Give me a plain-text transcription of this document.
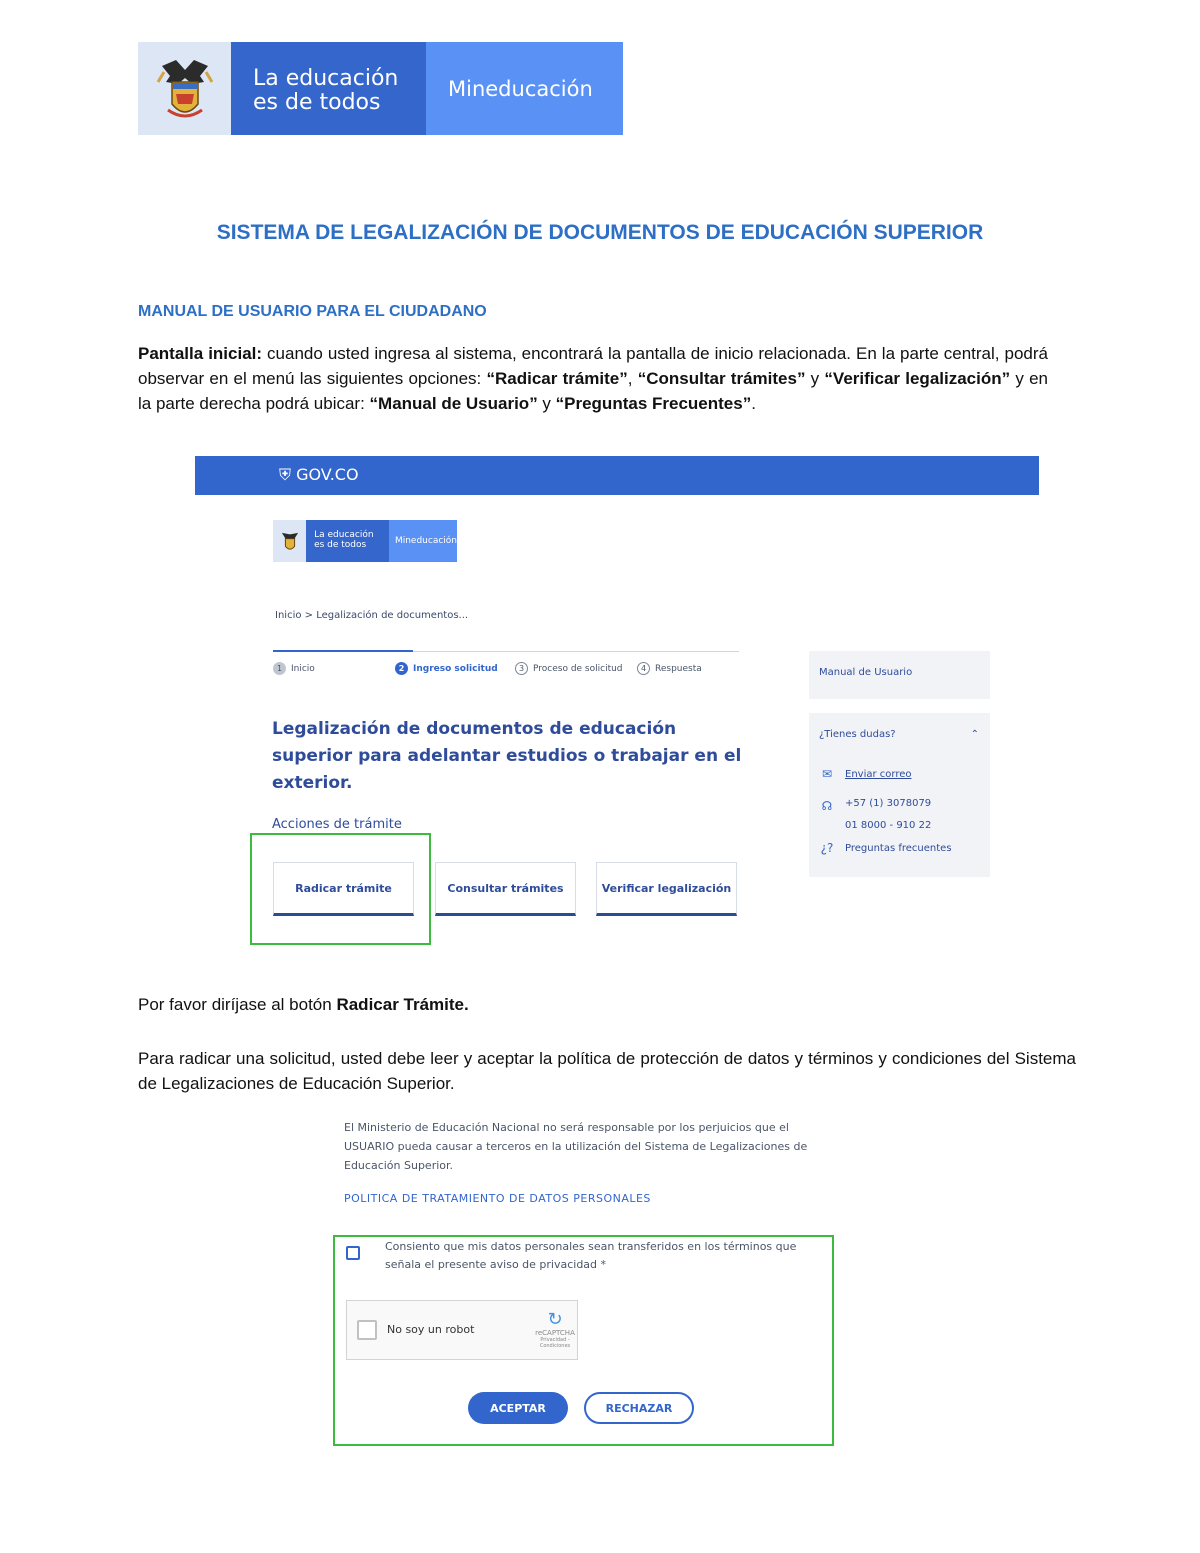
La educación
es de todos
Mineducación
SISTEMA DE LEGALIZACIÓN DE DOCUMENTOS DE EDUCACIÓN SUPERIOR
MANUAL DE USUARIO PARA EL CIUDADANO
Pantalla inicial: cuando usted ingresa al sistema, encontrará la pantalla de inicio relacionada. En la parte central, podrá observar en el menú las siguientes opciones: “Radicar trámite”, “Consultar trámites” y “Verificar legalización” y en la parte derecha podrá ubicar: “Manual de Usuario” y “Preguntas Frecuentes”.
⛨ GOV.CO
La educación
es de todos	Mineducación
Inicio > Legalización de documentos...
1 Inicio	2 Ingreso solicitud	3 Proceso de solicitud	4 Respuesta
Legalización de documentos de educación superior para adelantar estudios o trabajar en el exterior.
Acciones de trámite
Radicar trámite	Consultar trámites	Verificar legalización
Manual de Usuario
¿Tienes dudas?	⌃
✉ Enviar correo
☊ +57 (1) 3078079
01 8000 - 910 22
¿? Preguntas frecuentes
Por favor diríjase al botón Radicar Trámite.
Para radicar una solicitud, usted debe leer y aceptar la política de protección de datos y términos y condiciones del Sistema de Legalizaciones de Educación Superior.
El Ministerio de Educación Nacional no será responsable por los perjuicios que el USUARIO pueda causar a terceros en la utilización del Sistema de Legalizaciones de Educación Superior.
POLITICA DE TRATAMIENTO DE DATOS PERSONALES
Consiento que mis datos personales sean transferidos en los términos que señala el presente aviso de privacidad *
No soy un robot	↻
reCAPTCHA
Privacidad - Condiciones
ACEPTAR	RECHAZAR
